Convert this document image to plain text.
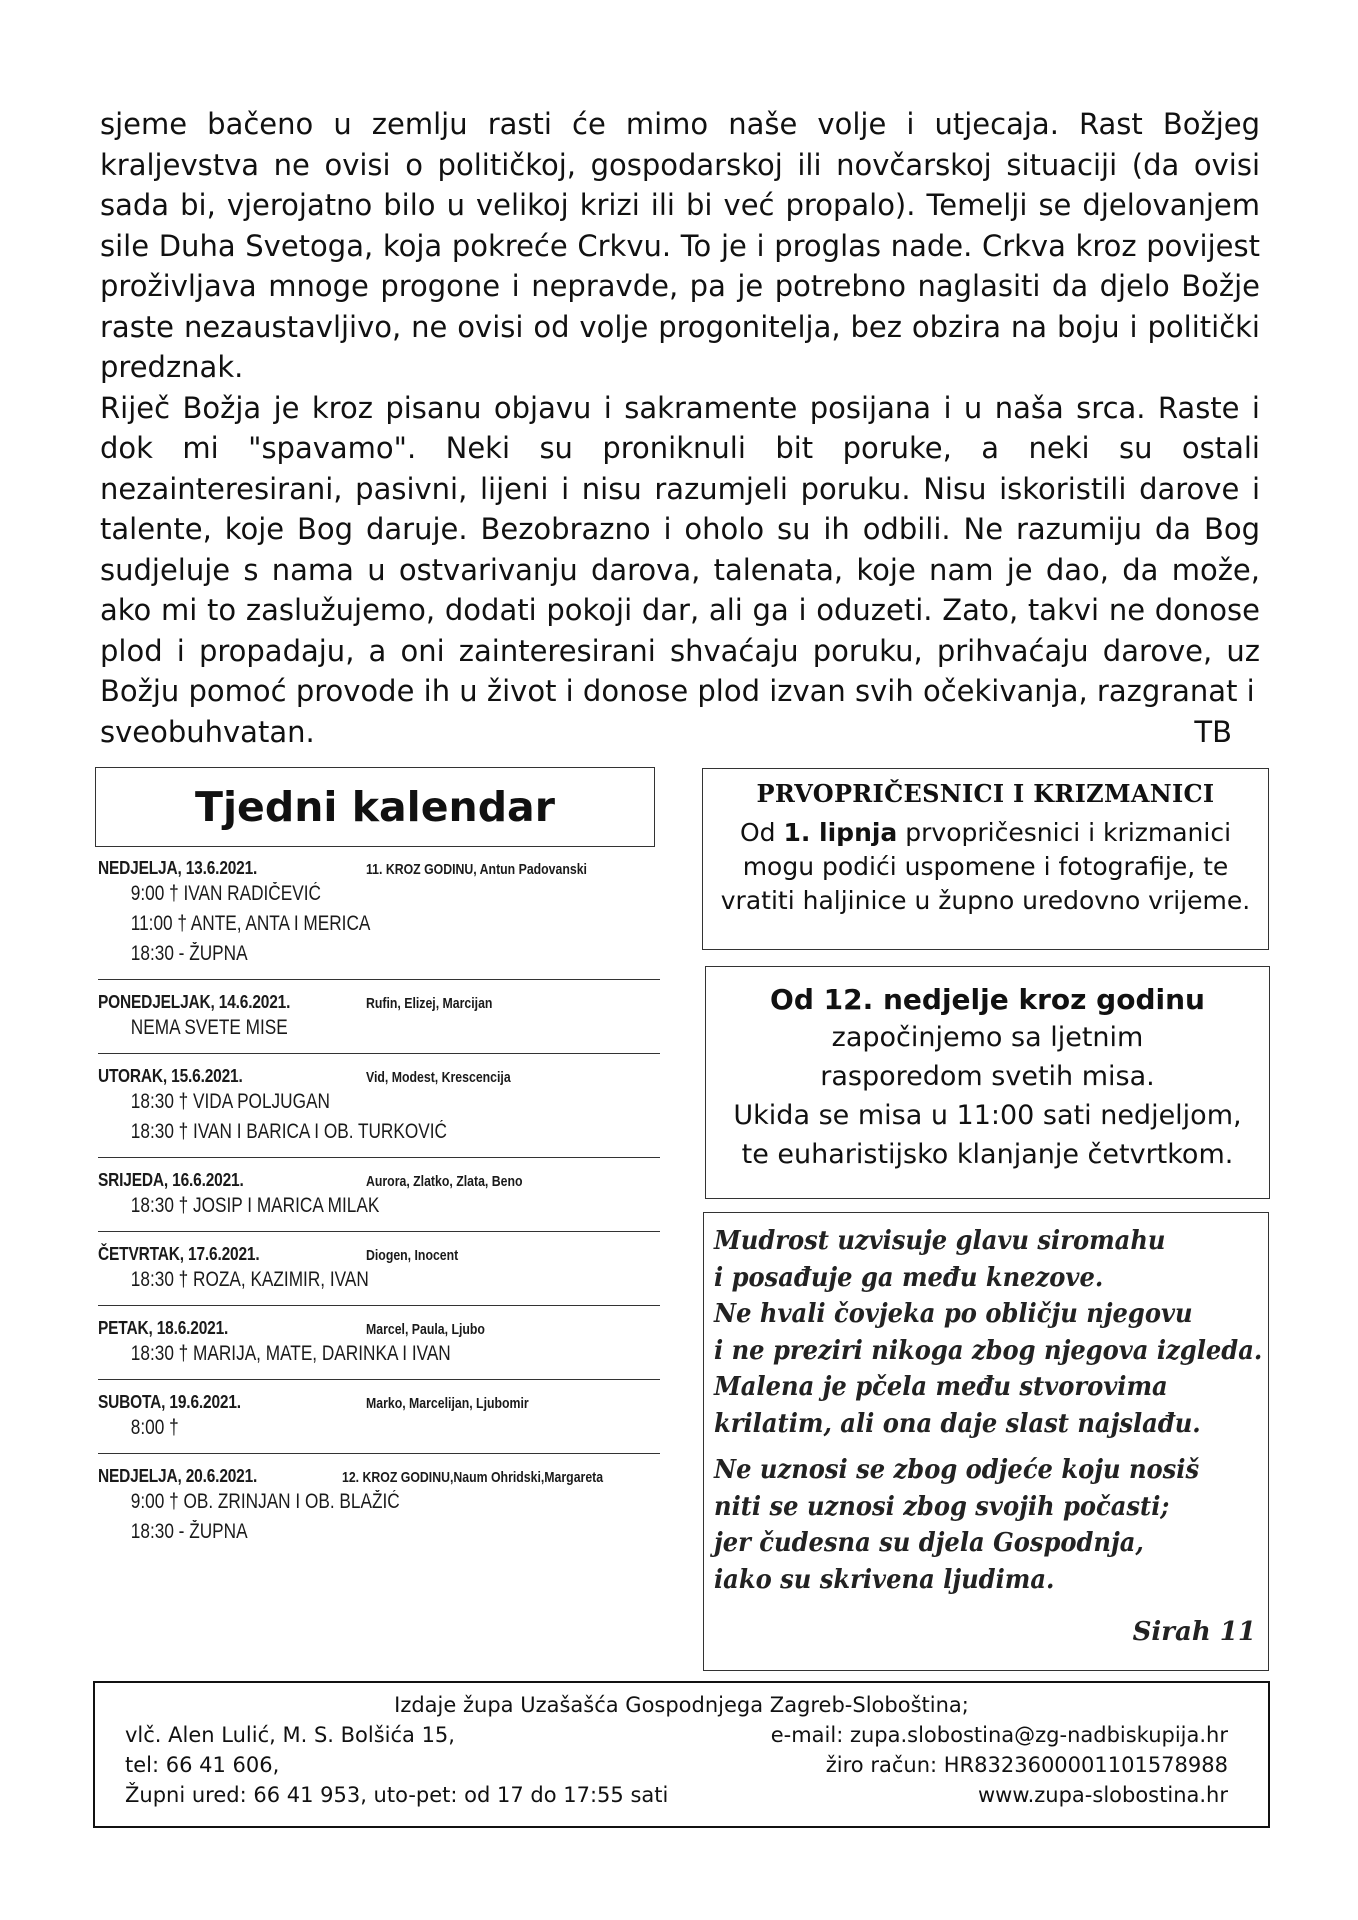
sjeme bačeno u zemlju rasti će mimo naše volje i utjecaja. Rast Božjeg kraljevstva ne ovisi o političkoj, gospodarskoj ili novčarskoj situaciji (da ovisi sada bi, vjerojatno bilo u velikoj krizi ili bi već propalo). Temelji se djelovanjem sile Duha Svetoga, koja pokreće Crkvu. To je i proglas nade. Crkva kroz povijest proživljava mnoge progone i nepravde, pa je potrebno naglasiti da djelo Božje raste nezaustavljivo, ne ovisi od volje progonitelja, bez obzira na boju i politički predznak.

Riječ Božja je kroz pisanu objavu i sakramente posijana i u naša srca. Raste i dok mi "spavamo". Neki su proniknuli bit poruke, a neki su ostali nezainteresirani, pasivni, lijeni i nisu razumjeli poruku. Nisu iskoristili darove i talente, koje Bog daruje. Bezobrazno i oholo su ih odbili. Ne razumiju da Bog sudjeluje s nama u ostvarivanju darova, talenata, koje nam je dao, da može, ako mi to zaslužujemo, dodati pokoji dar, ali ga i oduzeti. Zato, takvi ne donose plod i propadaju, a oni zainteresirani shvaćaju poruku, prihvaćaju darove, uz Božju pomoć provode ih u život i donose plod izvan svih očekivanja, razgranat i

sveobuhvatan.	TB
Tjedni kalendar
NEDJELJA, 13.6.2021.	11. KROZ GODINU, Antun Padovanski
9:00 † IVAN RADIČEVIĆ
11:00 † ANTE, ANTA I MERICA
18:30 - ŽUPNA
PONEDJELJAK, 14.6.2021.	Rufin, Elizej, Marcijan
NEMA SVETE MISE
UTORAK, 15.6.2021.	Vid, Modest, Krescencija
18:30 † VIDA POLJUGAN
18:30 † IVAN I BARICA I OB. TURKOVIĆ
SRIJEDA, 16.6.2021.	Aurora, Zlatko, Zlata, Beno
18:30 † JOSIP I MARICA MILAK
ČETVRTAK, 17.6.2021.	Diogen, Inocent
18:30 † ROZA, KAZIMIR, IVAN
PETAK, 18.6.2021.	Marcel, Paula, Ljubo
18:30 † MARIJA, MATE, DARINKA I IVAN
SUBOTA, 19.6.2021.	Marko, Marcelijan, Ljubomir
8:00 †
NEDJELJA, 20.6.2021.	12. KROZ GODINU,Naum Ohridski,Margareta
9:00 † OB. ZRINJAN I OB. BLAŽIĆ
18:30 - ŽUPNA
PRVOPRIČESNICI I KRIZMANICI
Od 1. lipnja prvopričesnici i krizmanici mogu podići uspomene i fotografije, te vratiti haljinice u župno uredovno vrijeme.
Od 12. nedjelje kroz godinu
započinjemo sa ljetnim
rasporedom svetih misa.
Ukida se misa u 11:00 sati nedjeljom,
te euharistijsko klanjanje četvrtkom.
Mudrost uzvisuje glavu siromahu
i posađuje ga među knezove.
Ne hvali čovjeka po obličju njegovu
i ne preziri nikoga zbog njegova izgleda.
Malena je pčela među stvorovima
krilatim, ali ona daje slast najslađu.
Ne uznosi se zbog odjeće koju nosiš
niti se uznosi zbog svojih počasti;
jer čudesna su djela Gospodnja,
iako su skrivena ljudima.
Sirah 11
Izdaje župa Uzašašća Gospodnjega Zagreb-Sloboština;
vlč. Alen Lulić, M. S. Bolšića 15,	e-mail: zupa.slobostina@zg-nadbiskupija.hr
tel: 66 41 606,	žiro račun: HR8323600001101578988
Župni ured: 66 41 953, uto-pet: od 17 do 17:55 sati	www.zupa-slobostina.hr
